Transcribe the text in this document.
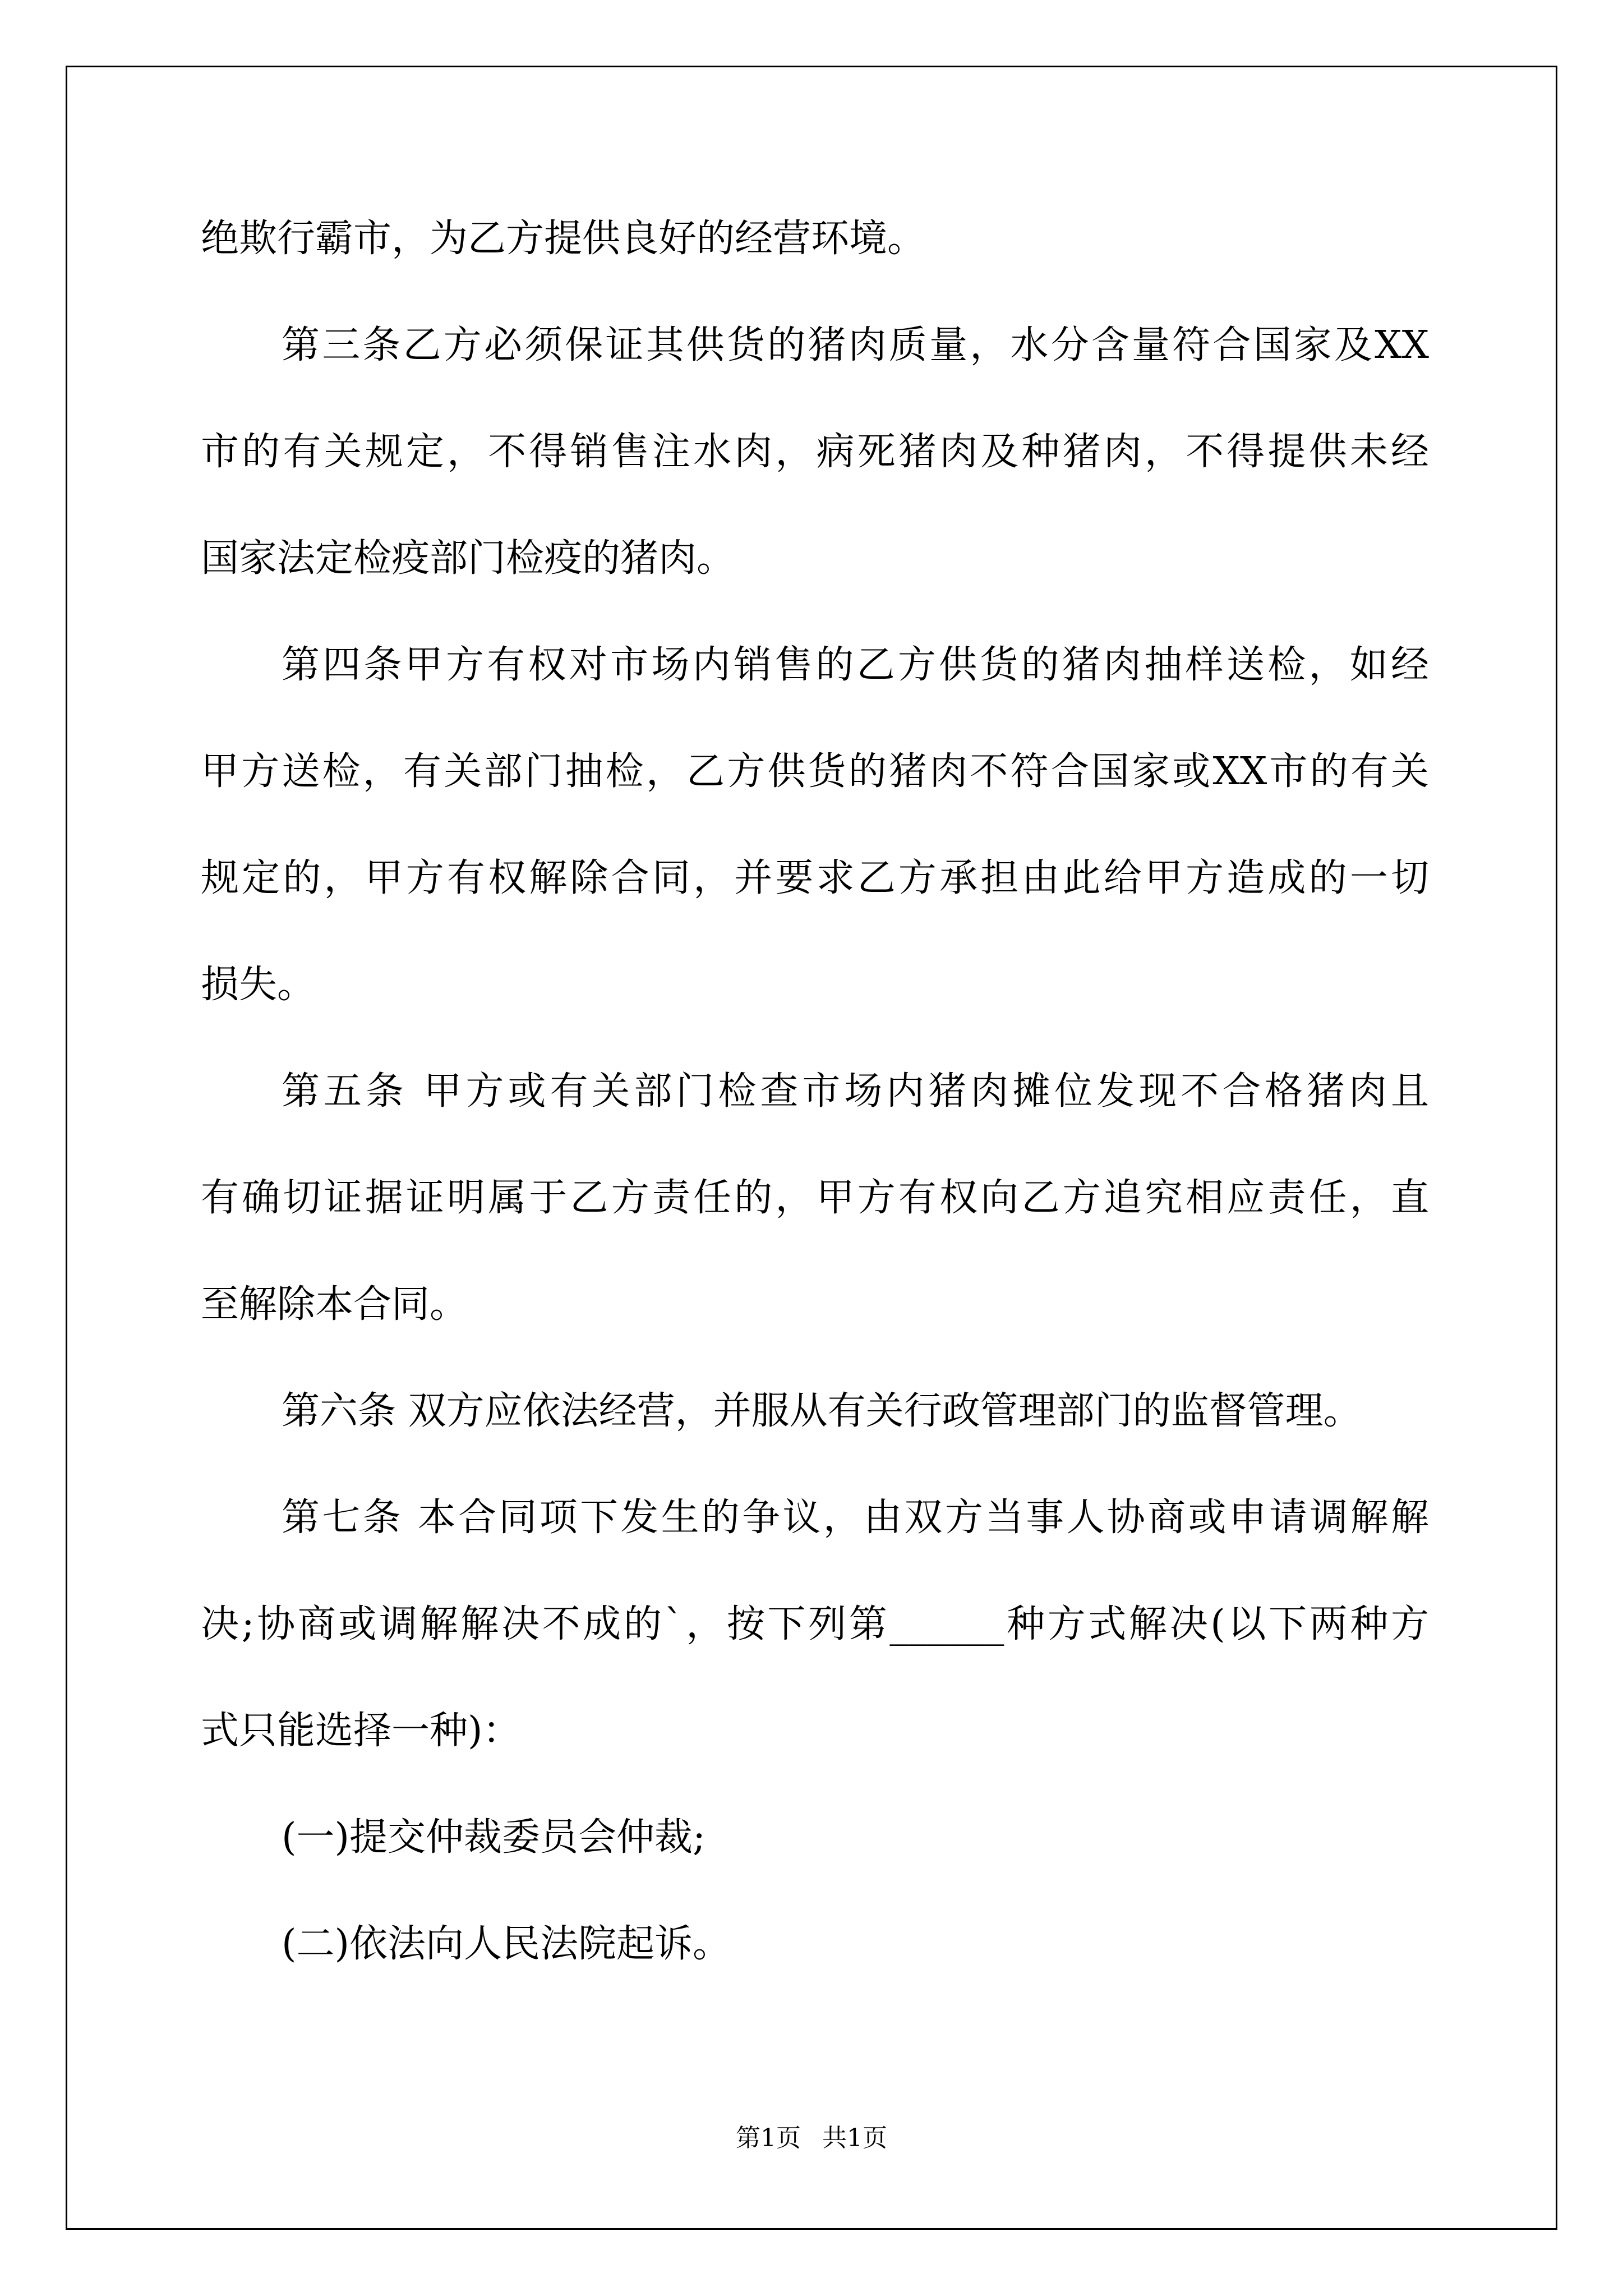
绝欺行霸市，为乙方提供良好的经营环境。
第三条乙方必须保证其供货的猪肉质量，水分含量符合国家及XX
市的有关规定，不得销售注水肉，病死猪肉及种猪肉，不得提供未经
国家法定检疫部门检疫的猪肉。
第四条甲方有权对市场内销售的乙方供货的猪肉抽样送检，如经
甲方送检，有关部门抽检，乙方供货的猪肉不符合国家或XX市的有关
规定的，甲方有权解除合同，并要求乙方承担由此给甲方造成的一切
损失。
第五条 甲方或有关部门检查市场内猪肉摊位发现不合格猪肉且
有确切证据证明属于乙方责任的，甲方有权向乙方追究相应责任，直
至解除本合同。
第六条 双方应依法经营，并服从有关行政管理部门的监督管理。
第七条 本合同项下发生的争议，由双方当事人协商或申请调解解
决;协商或调解解决不成的`，按下列第______种方式解决(以下两种方
式只能选择一种)：
(一)提交仲裁委员会仲裁;
(二)依法向人民法院起诉。
第1页 共1页
